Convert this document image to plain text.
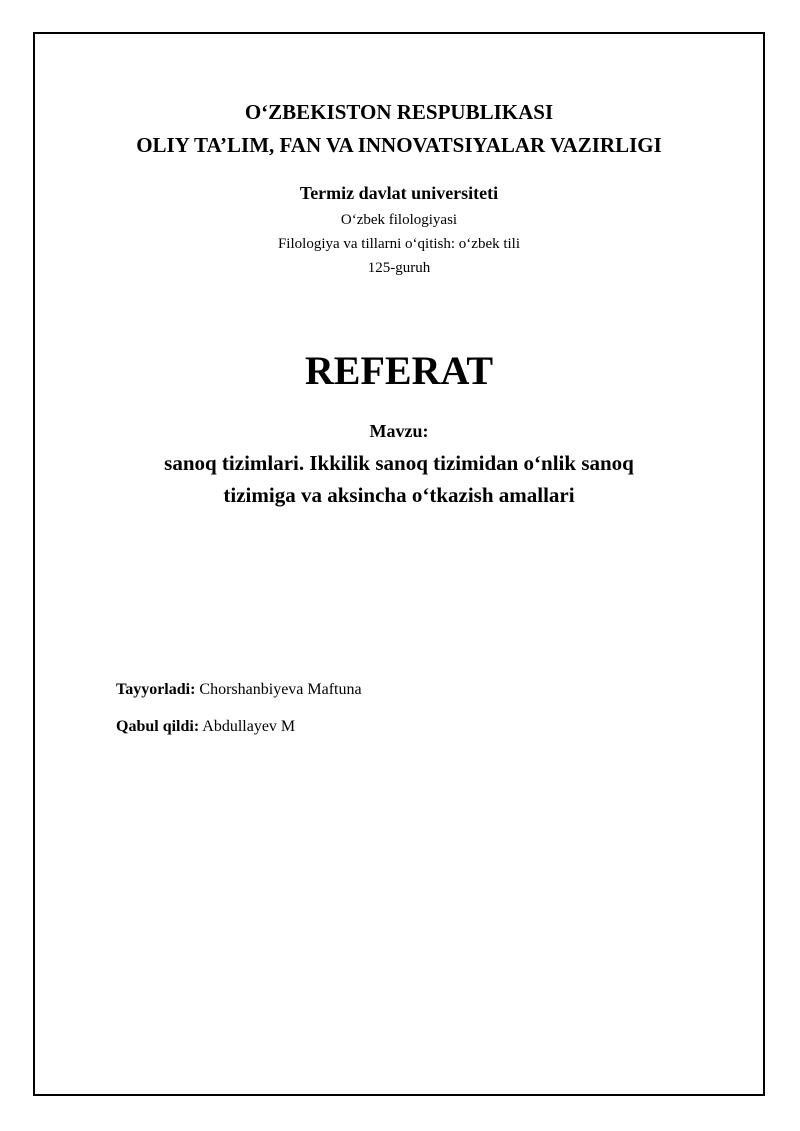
O‘ZBEKISTON RESPUBLIKASI
OLIY TA’LIM, FAN VA INNOVATSIYALAR VAZIRLIGI
Termiz davlat universiteti
O‘zbek filologiyasi
Filologiya va tillarni o‘qitish: o‘zbek tili
125-guruh
REFERAT
Mavzu:
sanoq tizimlari. Ikkilik sanoq tizimidan o‘nlik sanoq
tizimiga va aksincha o‘tkazish amallari
Tayyorladi: Chorshanbiyeva Maftuna
Qabul qildi: Abdullayev M
